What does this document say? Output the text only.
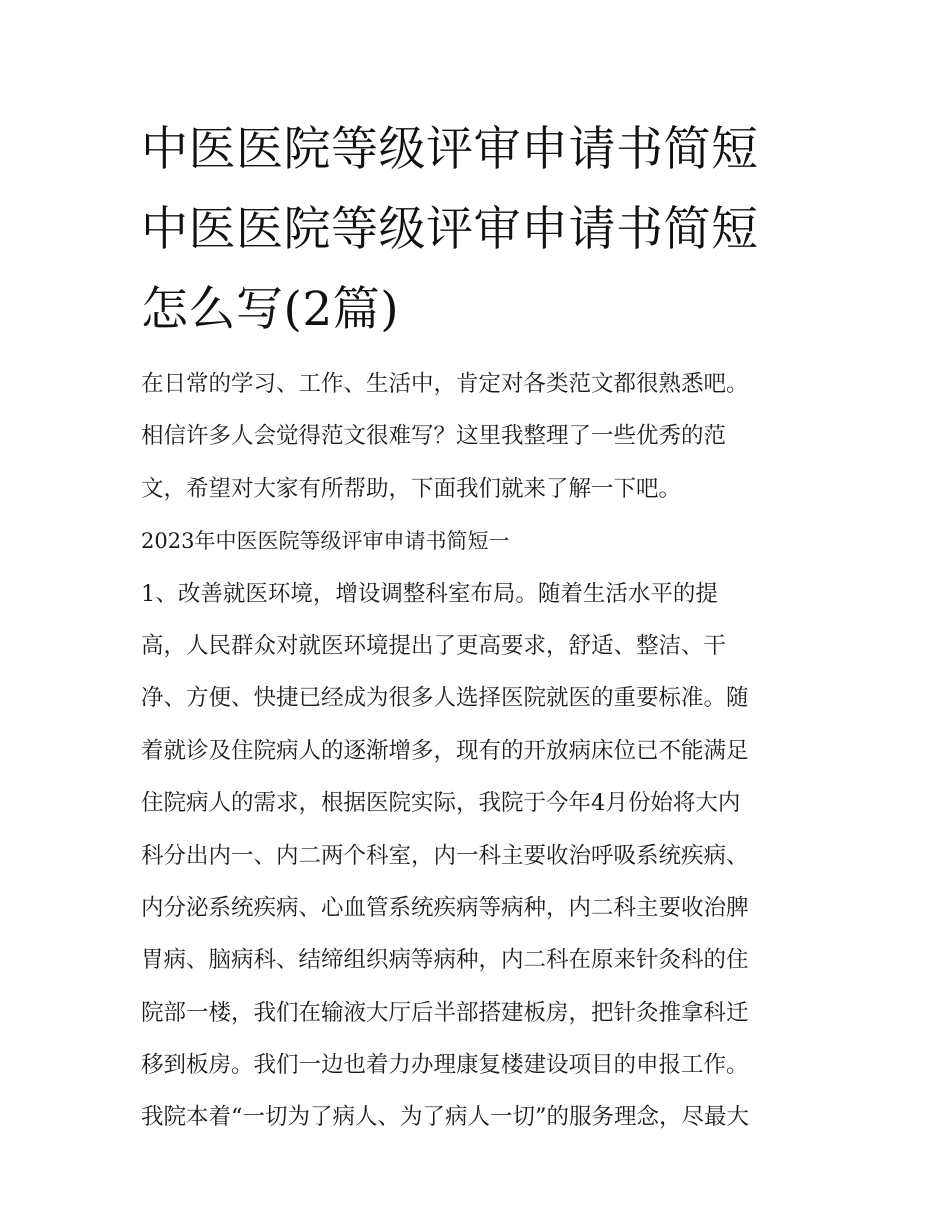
中医医院等级评审申请书简短
中医医院等级评审申请书简短
怎么写(2篇)
在日常的学习、工作、生活中，肯定对各类范文都很熟悉吧。
相信许多人会觉得范文很难写？这里我整理了一些优秀的范
文，希望对大家有所帮助，下面我们就来了解一下吧。
2023年中医医院等级评审申请书简短一
1、改善就医环境，增设调整科室布局。随着生活水平的提
高，人民群众对就医环境提出了更高要求，舒适、整洁、干
净、方便、快捷已经成为很多人选择医院就医的重要标准。随
着就诊及住院病人的逐渐增多，现有的开放病床位已不能满足
住院病人的需求，根据医院实际，我院于今年4月份始将大内
科分出内一、内二两个科室，内一科主要收治呼吸系统疾病、
内分泌系统疾病、心血管系统疾病等病种，内二科主要收治脾
胃病、脑病科、结缔组织病等病种，内二科在原来针灸科的住
院部一楼，我们在输液大厅后半部搭建板房，把针灸推拿科迁
移到板房。我们一边也着力办理康复楼建设项目的申报工作。
我院本着“一切为了病人、为了病人一切”的服务理念，尽最大
